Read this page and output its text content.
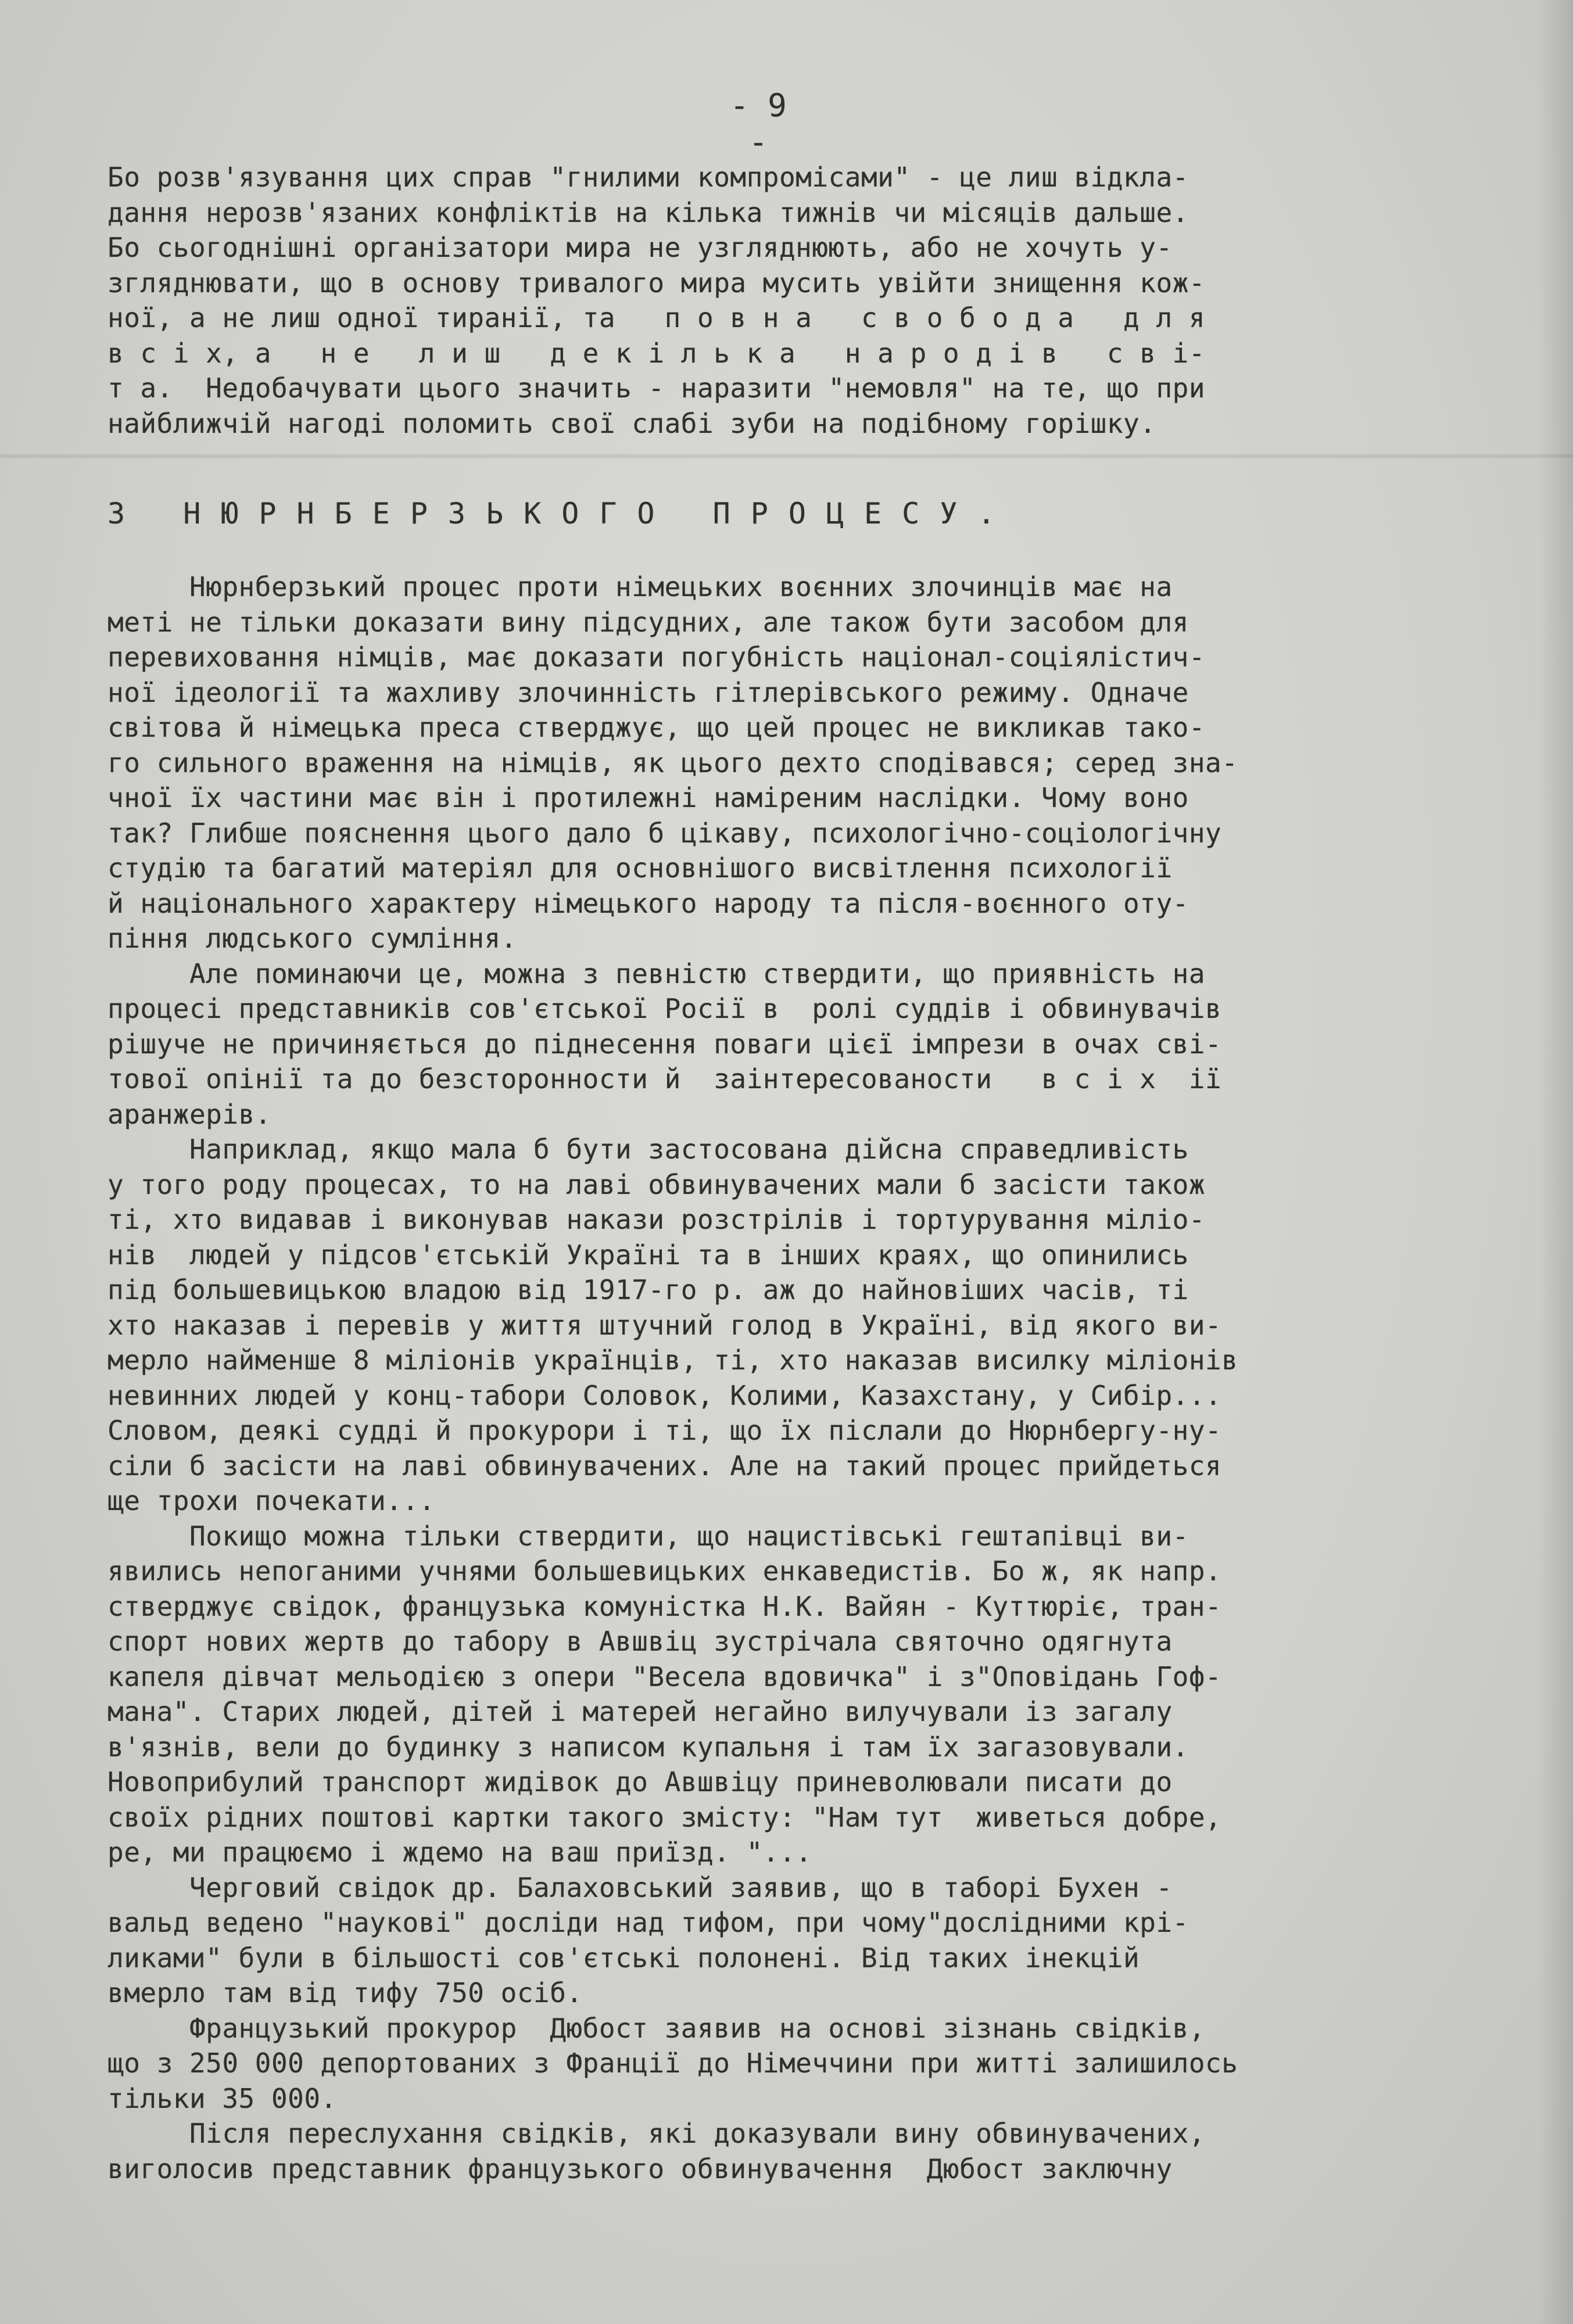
- 9 -
Бо розв'язування цих справ "гнилими компромісами" - це лиш відкла-
дання нерозв'язаних конфліктів на кілька тижнів чи місяців дальше.
Бо сьогоднішні організатори мира не узгляднюють, або не хочуть у-
згляднювати, що в основу тривалого мира мусить увійти знищення кож-
ної, а не лиш одної тиранії, та   п о в н а   с в о б о д а   д л я
в с і х, а   н е   л и ш   д е к і л ь к а   н а р о д і в   с в і-
т а.  Недобачувати цього значить - наразити "немовля" на те, що при
найближчій нагоді поломить свої слабі зуби на подібному горішку.
З НЮРНБЕРЗЬКОГО ПРОЦЕСУ.
Нюрнберзький процес проти німецьких воєнних злочинців має на
меті не тільки доказати вину підсудних, але також бути засобом для
перевиховання німців, має доказати погубність націонал-соціялістич-
ної ідеології та жахливу злочинність гітлерівського режиму. Одначе
світова й німецька преса стверджує, що цей процес не викликав тако-
го сильного враження на німців, як цього дехто сподівався; серед зна-
чної їх частини має він і протилежні наміреним наслідки. Чому воно
так? Глибше пояснення цього дало б цікаву, психологічно-соціологічну
студію та багатий матеріял для основнішого висвітлення психології
й національного характеру німецького народу та після-воєнного оту-
піння людського сумління.
Але поминаючи це, можна з певністю ствердити, що приявність на
процесі представників сов'єтської Росії в  ролі суддів і обвинувачів
рішуче не причиняється до піднесення поваги цієї імпрези в очах сві-
тової опінії та до безсторонности й  заінтересованости   в с і х  ії
аранжерів.
Наприклад, якщо мала б бути застосована дійсна справедливість
у того роду процесах, то на лаві обвинувачених мали б засісти також
ті, хто видавав і виконував накази розстрілів і тортурування міліо-
нів  людей у підсов'єтській Україні та в інших краях, що опинились
під большевицькою владою від 1917-го р. аж до найновіших часів, ті
хто наказав і перевів у життя штучний голод в Україні, від якого ви-
мерло найменше 8 міліонів українців, ті, хто наказав висилку міліонів
невинних людей у конц-табори Соловок, Колими, Казахстану, у Сибір...
Словом, деякі судді й прокурори і ті, що їх післали до Нюрнбергу-ну-
сіли б засісти на лаві обвинувачених. Але на такий процес прийдеться
ще трохи почекати...
Покищо можна тільки ствердити, що нацистівські гештапівці ви-
явились непоганими учнями большевицьких енкаведистів. Бо ж, як напр.
стверджує свідок, французька комуністка Н.К. Вайян - Куттюріє, тран-
спорт нових жертв до табору в Авшвіц зустрічала святочно одягнута
капеля дівчат мельодією з опери "Весела вдовичка" і з"Оповідань Гоф-
мана". Старих людей, дітей і матерей негайно вилучували із загалу
в'язнів, вели до будинку з написом купальня і там їх загазовували.
Новоприбулий транспорт жидівок до Авшвіцу приневолювали писати до
своїх рідних поштові картки такого змісту: "Нам тут  живеться добре,
ре, ми працюємо і ждемо на ваш приїзд. "...
Черговий свідок др. Балаховський заявив, що в таборі Бухен -
вальд ведено "наукові" досліди над тифом, при чому"дослідними крі-
ликами" були в більшості сов'єтські полонені. Від таких інекцій
вмерло там від тифу 750 осіб.
Французький прокурор  Дюбост заявив на основі зізнань свідків,
що з 250 000 депортованих з Франції до Німеччини при житті залишилось
тільки 35 000.
Після переслухання свідків, які доказували вину обвинувачених,
виголосив представник французького обвинувачення  Дюбост заключну
